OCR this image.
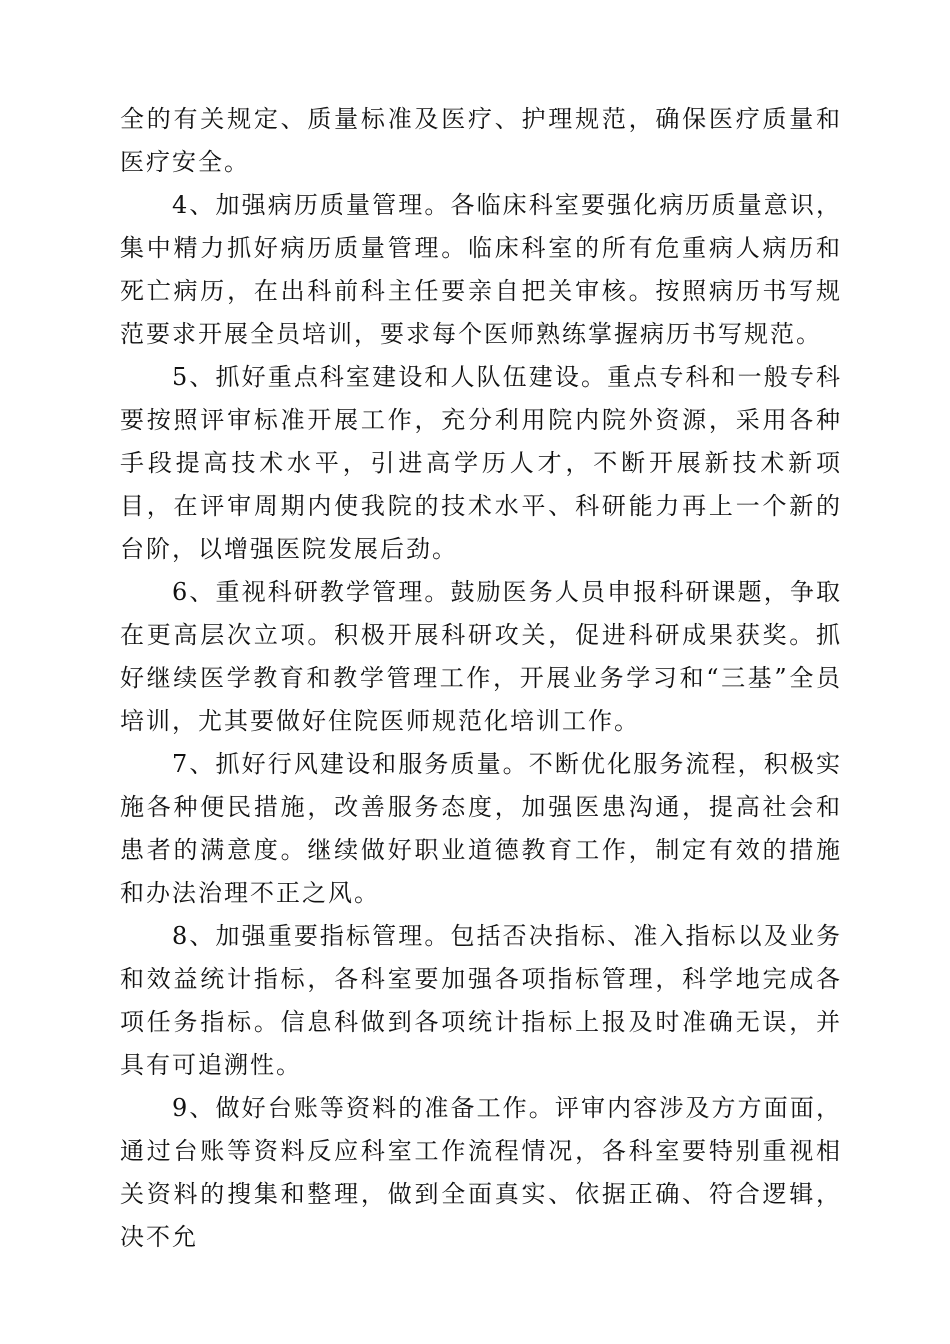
全的有关规定、质量标准及医疗、护理规范，确保医疗质量和医疗安全。

4、加强病历质量管理。各临床科室要强化病历质量意识，集中精力抓好病历质量管理。临床科室的所有危重病人病历和死亡病历，在出科前科主任要亲自把关审核。按照病历书写规范要求开展全员培训，要求每个医师熟练掌握病历书写规范。

5、抓好重点科室建设和人队伍建设。重点专科和一般专科要按照评审标准开展工作，充分利用院内院外资源，采用各种手段提高技术水平，引进高学历人才，不断开展新技术新项目，在评审周期内使我院的技术水平、科研能力再上一个新的台阶，以增强医院发展后劲。

6、重视科研教学管理。鼓励医务人员申报科研课题，争取在更高层次立项。积极开展科研攻关，促进科研成果获奖。抓好继续医学教育和教学管理工作，开展业务学习和“三基”全员培训，尤其要做好住院医师规范化培训工作。

7、抓好行风建设和服务质量。不断优化服务流程，积极实施各种便民措施，改善服务态度，加强医患沟通，提高社会和患者的满意度。继续做好职业道德教育工作，制定有效的措施和办法治理不正之风。

8、加强重要指标管理。包括否决指标、准入指标以及业务和效益统计指标，各科室要加强各项指标管理，科学地完成各项任务指标。信息科做到各项统计指标上报及时准确无误，并具有可追溯性。

9、做好台账等资料的准备工作。评审内容涉及方方面面，通过台账等资料反应科室工作流程情况，各科室要特别重视相关资料的搜集和整理，做到全面真实、依据正确、符合逻辑，决不允
